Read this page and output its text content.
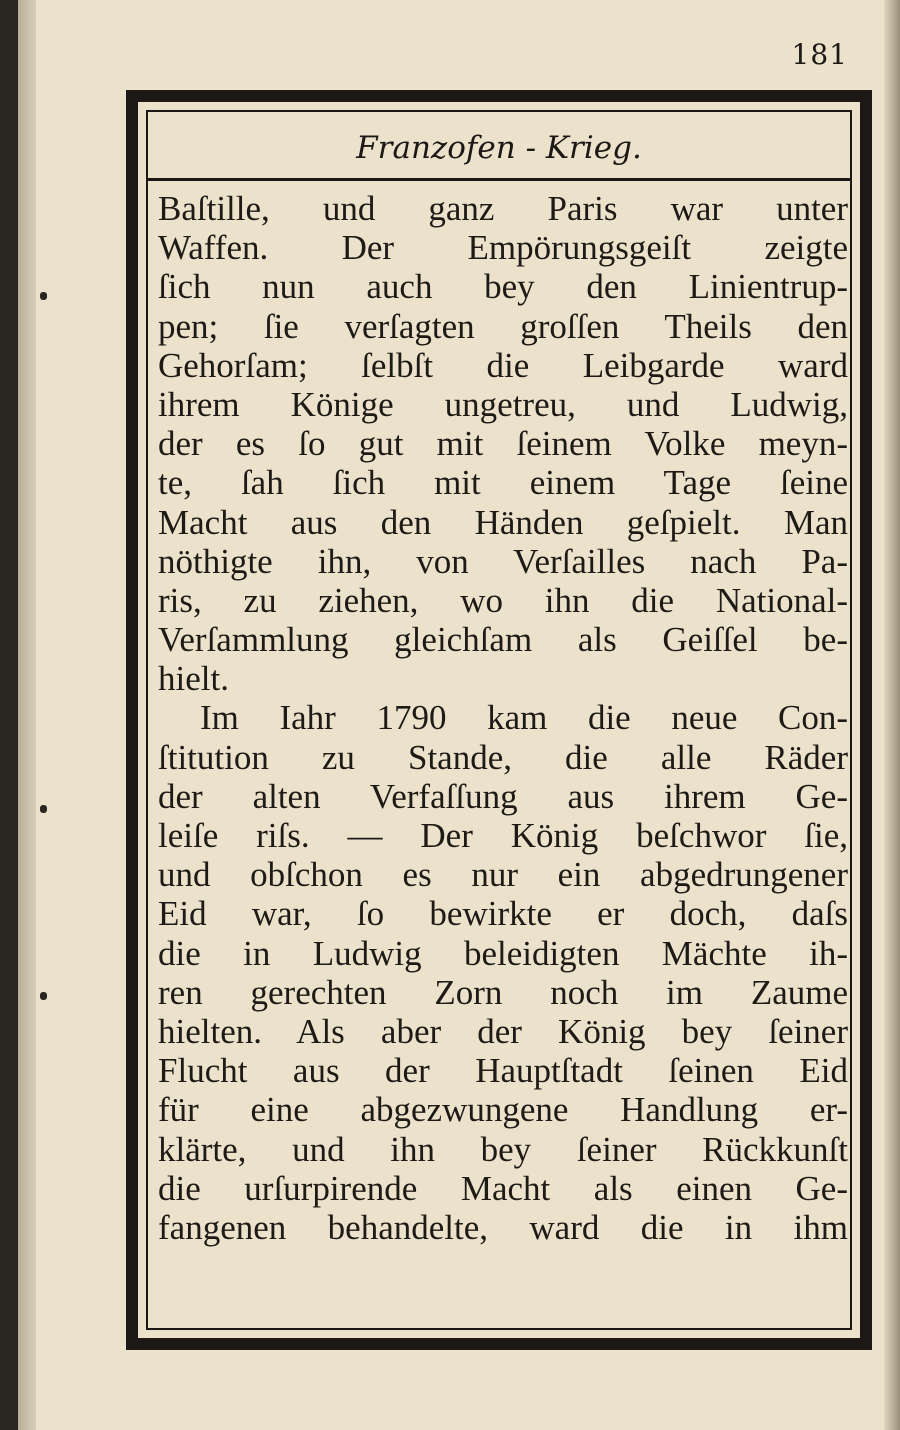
181
Franzofen - Krieg.
Baſtille, und ganz Paris war unter
Waffen. Der Empörungsgeiſt zeigte
ſich nun auch bey den Linientrup-
pen; ſie verſagten groſſen Theils den
Gehorſam; ſelbſt die Leibgarde ward
ihrem Könige ungetreu, und Ludwig,
der es ſo gut mit ſeinem Volke meyn-
te, ſah ſich mit einem Tage ſeine
Macht aus den Händen geſpielt. Man
nöthigte ihn, von Verſailles nach Pa-
ris, zu ziehen, wo ihn die National-
Verſammlung gleichſam als Geiſſel be-
hielt.
Im Iahr 1790 kam die neue Con-
ſtitution zu Stande, die alle Räder
der alten Verfaſſung aus ihrem Ge-
leiſe riſs. — Der König beſchwor ſie,
und obſchon es nur ein abgedrungener
Eid war, ſo bewirkte er doch, daſs
die in Ludwig beleidigten Mächte ih-
ren gerechten Zorn noch im Zaume
hielten. Als aber der König bey ſeiner
Flucht aus der Hauptſtadt ſeinen Eid
für eine abgezwungene Handlung er-
klärte, und ihn bey ſeiner Rückkunſt
die urſurpirende Macht als einen Ge-
fangenen behandelte, ward die in ihm
